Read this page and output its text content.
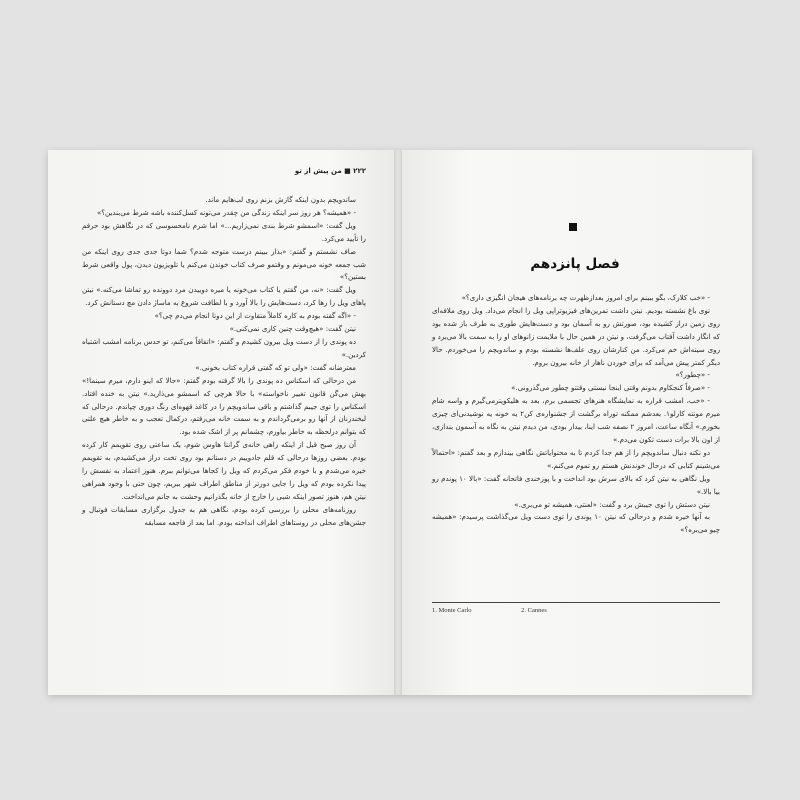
۲۲۲ ■ من پیش از تو

ساندویچم بدون اینکه گازش بزنم روی لب‌هایم ماند.

- «همیشه؟ هر روز سر اینکه زندگی من چقدر می‌تونه کسل‌کننده باشه شرط می‌بندین؟»

ویل گفت: «اسمشو شرط بندی نمی‌زاریم...» اما شرم نامحسوسی که در نگاهش بود حرفم را تأیید می‌کرد.

صاف نشستم و گفتم: «بذار ببینم درست متوجه شدم؟ شما دوتا جدی جدی روی اینکه من شب جمعه خونه می‌مونم و وقتمو صرف کتاب خوندن می‌کنم یا تلویزیون دیدن، پول واقعی شرط بستین؟»

ویل گفت: «نه، من گفتم یا کتاب می‌خونه یا میره دوییدن مرد دوونده رو تماشا می‌کنه.» نیتن پاهای ویل را رها کرد، دست‌هایش را بالا آورد و با لطافت شروع به ماساژ دادن مچ دستانش کرد.

- «اگه گفته بودم به کاره کاملاً متفاوت از این دوتا انجام می‌دم چی؟»

نیتن گفت: «هیچ‌وقت چنین کاری نمی‌کنی.»

ده پوندی را از دست ویل بیرون کشیدم و گفتم: «اتفاقاً می‌کنم، تو حدس برنامه امشب اشتباه کردین.»

معترضانه گفت: «ولی تو که گفتی قراره کتاب بخونی.»

من درحالی که اسکناس ده پوندی را بالا گرفته بودم گفتم: «حالا که اینو دارم، میرم سینما!» بهش می‌گن قانون تغییر ناخواسته» با حالا هرچی که اسمشو می‌ذارید.» نیتن به خنده افتاد. اسکناس را توی جیبم گذاشتم و باقی ساندویچم را در کاغذ قهوه‌ای رنگ دوری چپاندم. درحالی که لبخندزنان از آنها رو برمی‌گرداندم و به سمت خانه می‌رفتم، درکمال تعجب و به خاطر هیچ علتی که بتوانم درلحظه به خاطر بیاورم، چشمانم پر از اشک شده بود.

آن روز صبح قبل از اینکه راهی خانه‌ی گرانتا هاوس شوم، یک ساعتی روی تقویمم کار کرده بودم. بعضی روزها درحالی که قلم جادوییم در دستانم بود روی تخت دراز می‌کشیدم، به تقویمم خیره می‌شدم و با خودم فکر می‌کردم که ویل را کجاها می‌توانم ببرم. هنوز اعتماد به نفسش را پیدا نکرده بودم که ویل را جایی دورتر از مناطق اطراف شهر ببریم، چون حتی با وجود همراهی نیتن هم، هنوز تصور اینکه شبی را خارج از خانه بگذرانیم وحشت به جانم می‌انداخت.

روزنامه‌های محلی را بررسی کرده بودم، نگاهی هم به جدول برگزاری مسابقات فوتبال و جشن‌های محلی در روستاهای اطراف انداخته بودم. اما بعد از فاجعه مسابقه

فصل پانزدهم

- «خب کلارک، بگو ببینم برای امروز بعدازظهرت چه برنامه‌های هیجان انگیزی داری؟»

توی باغ نشسته بودیم. نیتن داشت تمرین‌های فیزیوتراپی ویل را انجام می‌داد. ویل روی ملافه‌ای روی زمین دراز کشیده بود، صورتش رو به آسمان بود و دست‌هایش طوری به طرف باز شده بود که انگار داشت آفتاب می‌گرفت، و نیتن در همین حال با ملایمت زانوهای او را به سمت بالا می‌برد و روی سینه‌اش خم می‌کرد. من کنارشان روی علف‌ها نشسته بودم و ساندویچم را می‌خوردم. حالا دیگر کمتر پیش می‌آمد که برای خوردن ناهار از خانه بیرون بروم.

- «چطور؟»

- «صرفاً کنجکاوم بدونم وقتی اینجا نیستی وقتتو چطور می‌گذرونی.»

- «خب، امشب قراره به نمایشگاه هنرهای تجسمی برم، بعد به هلیکوپترمی‌گیرم و واسه شام میرم مونته کارلو۱. بعدشم ممکنه توراه برگشت از جشنواره‌ی کن۲ یه خونه یه نوشیدنی‌ای چیزی بخورم.» آنگاه ساعت، امروز ۲ نصفه شب اینا، بیدار بودی، من دیدم نیتن به نگاه به آسمون بندازی، از اون بالا برات دست تکون می‌دم.»

دو نکته دنبال ساندویچم را از هم جدا کردم تا به محتوایاتش نگاهی بیندازم و بعد گفتم: «احتمالاً می‌شینم کتابی که درحال خوندنش هستم رو تموم می‌کنم.»

ویل نگاهی به نیتن کرد که بالای سرش بود انداخت و با پوزخندی فاتحانه گفت: «بالا ۱۰ پوندم رو بیا بالا.»

نیتن دستش را توی جیبش برد و گفت: «لعنتی، همیشه تو می‌بری.»

به آنها خیره شدم و درحالی که نیتن ۱۰ پوندی را توی دست ویل می‌گذاشت پرسیدم: «همیشه چیو می‌بره؟»

1. Monte Carlo	2. Cannes
